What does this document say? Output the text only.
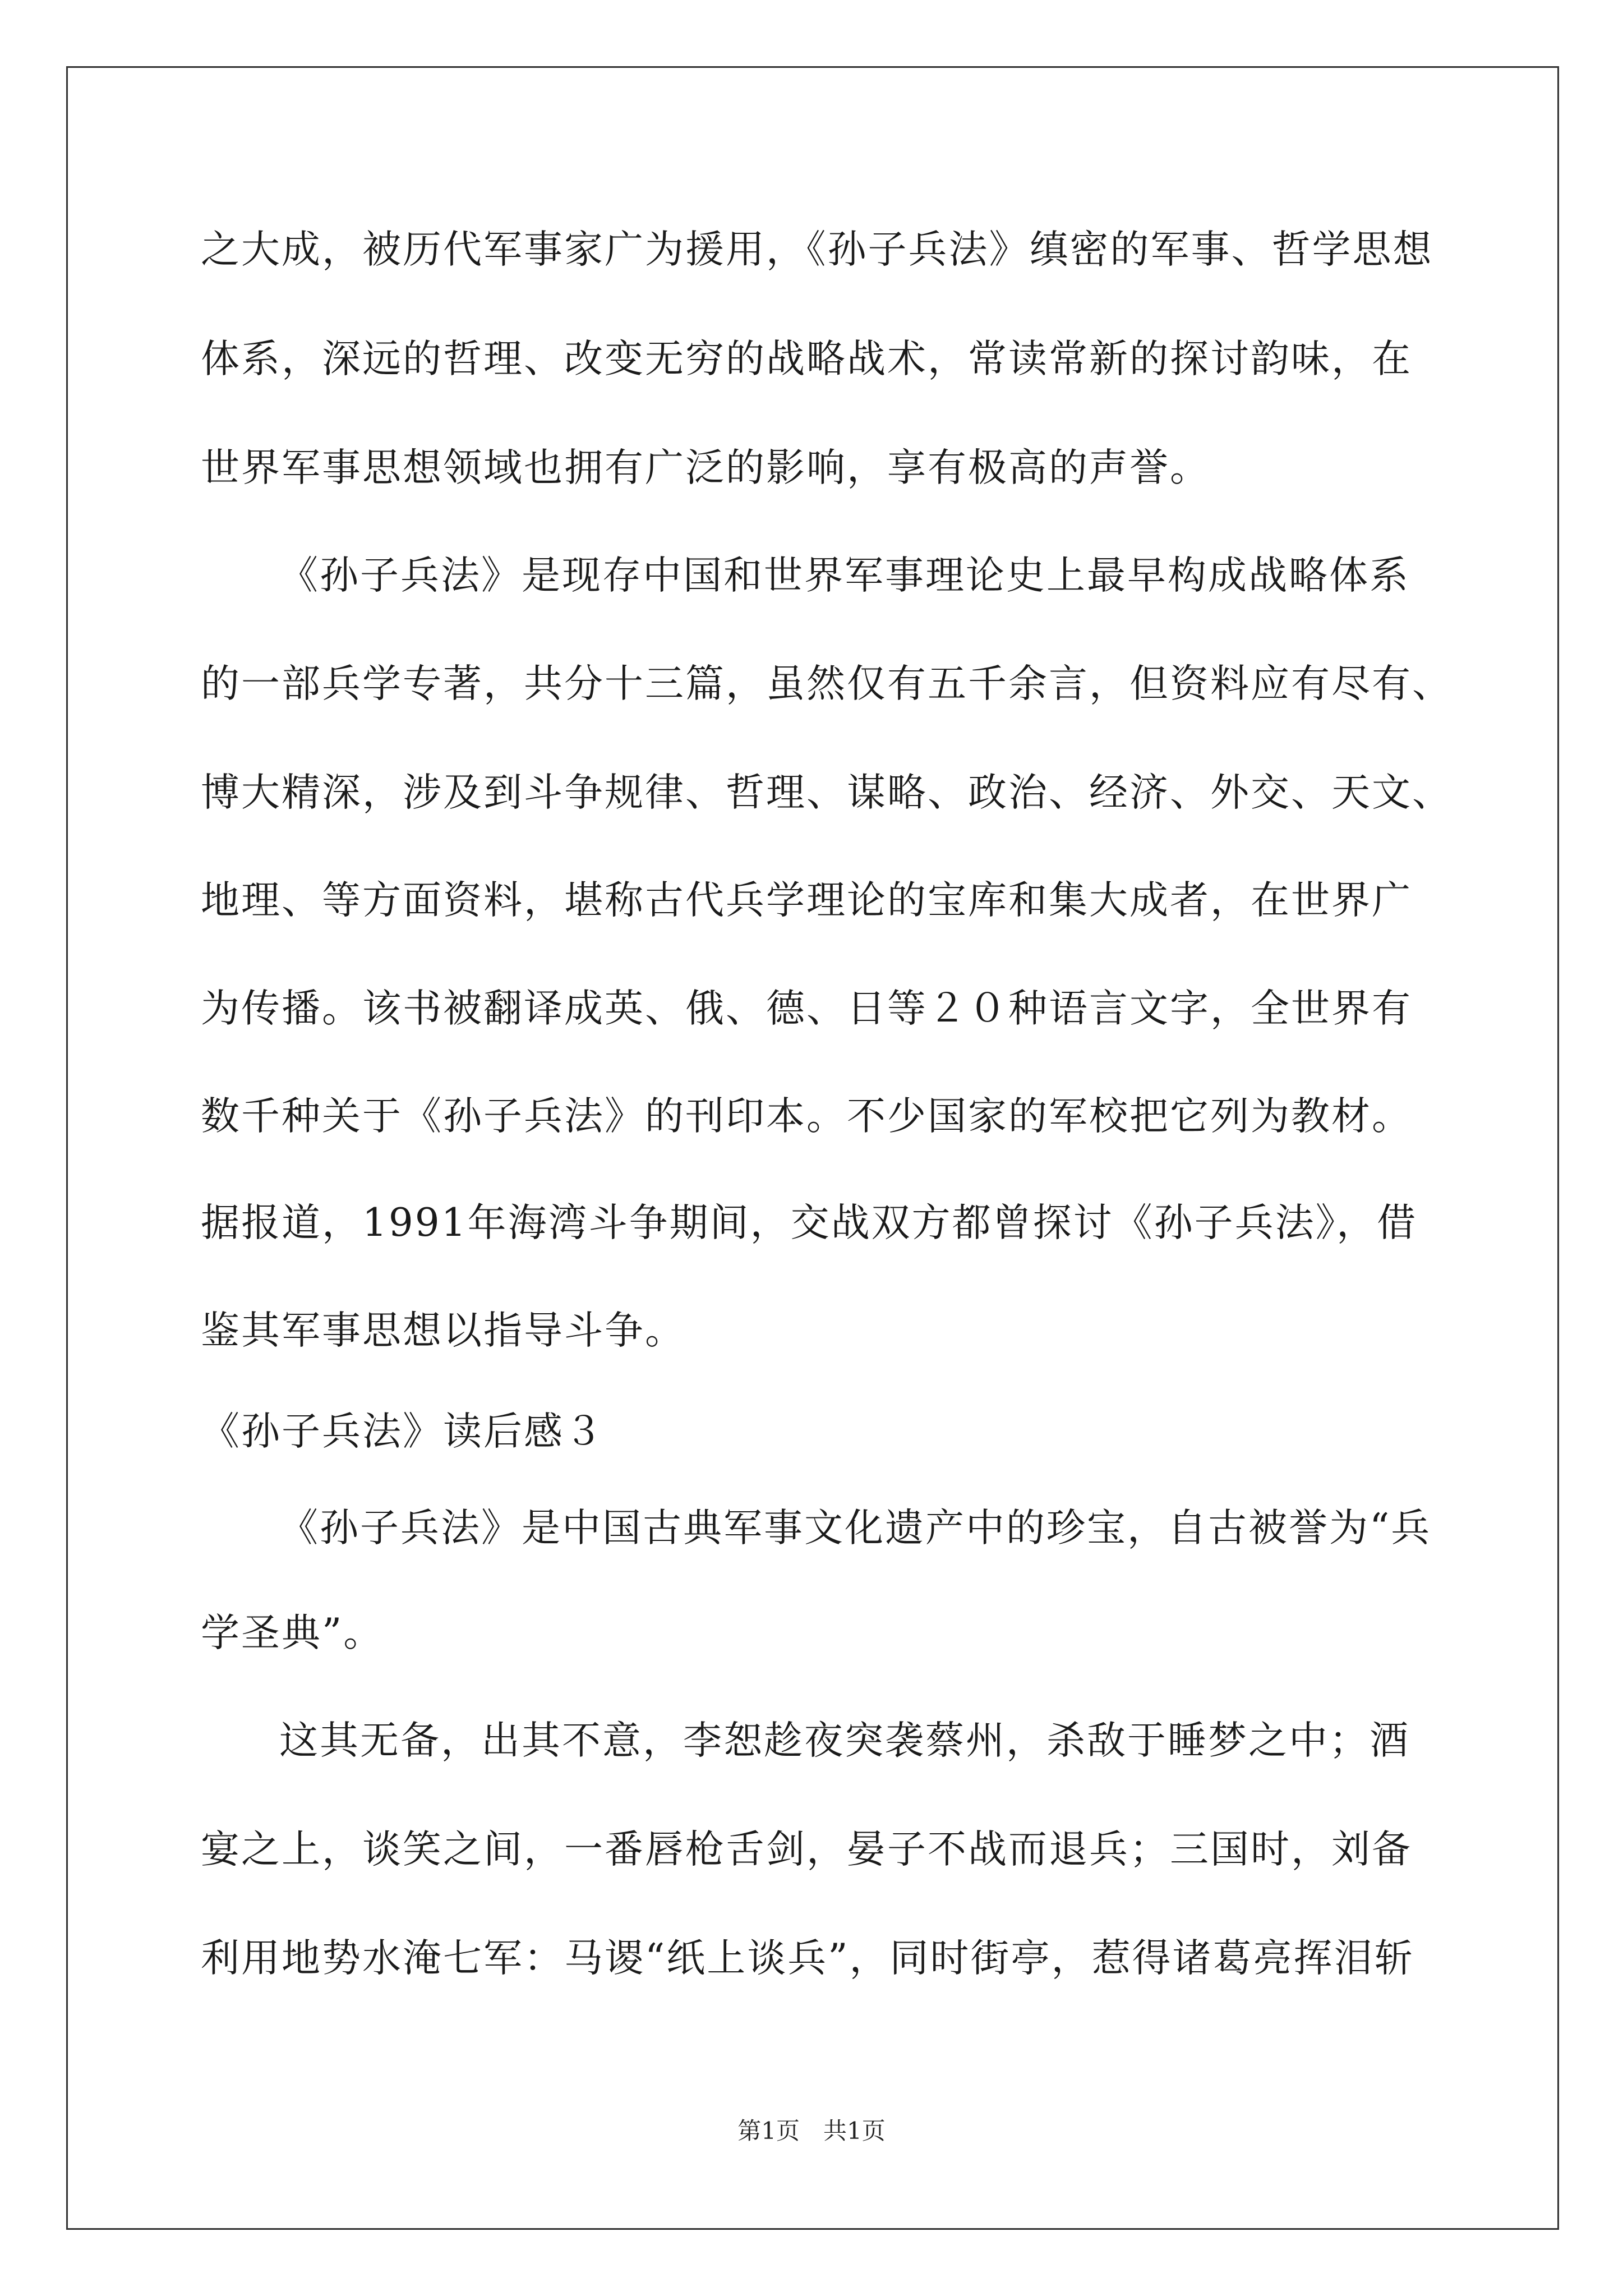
之大成，被历代军事家广为援用，《孙子兵法》缜密的军事、哲学思想
体系，深远的哲理、改变无穷的战略战术，常读常新的探讨韵味，在
世界军事思想领域也拥有广泛的影响，享有极高的声誉。
《孙子兵法》是现存中国和世界军事理论史上最早构成战略体系
的一部兵学专著，共分十三篇，虽然仅有五千余言，但资料应有尽有、
博大精深，涉及到斗争规律、哲理、谋略、政治、经济、外交、天文、
地理、等方面资料，堪称古代兵学理论的宝库和集大成者，在世界广
为传播。该书被翻译成英、俄、德、日等２０种语言文字，全世界有
数千种关于《孙子兵法》的刊印本。不少国家的军校把它列为教材。
据报道，1991年海湾斗争期间，交战双方都曾探讨《孙子兵法》，借
鉴其军事思想以指导斗争。
《孙子兵法》读后感３
《孙子兵法》是中国古典军事文化遗产中的珍宝，自古被誉为“兵
学圣典”。
这其无备，出其不意，李恕趁夜突袭蔡州，杀敌于睡梦之中；酒
宴之上，谈笑之间，一番唇枪舌剑，晏子不战而退兵；三国时，刘备
利用地势水淹七军：马谡“纸上谈兵”，同时街亭，惹得诸葛亮挥泪斩
第1页　共1页
